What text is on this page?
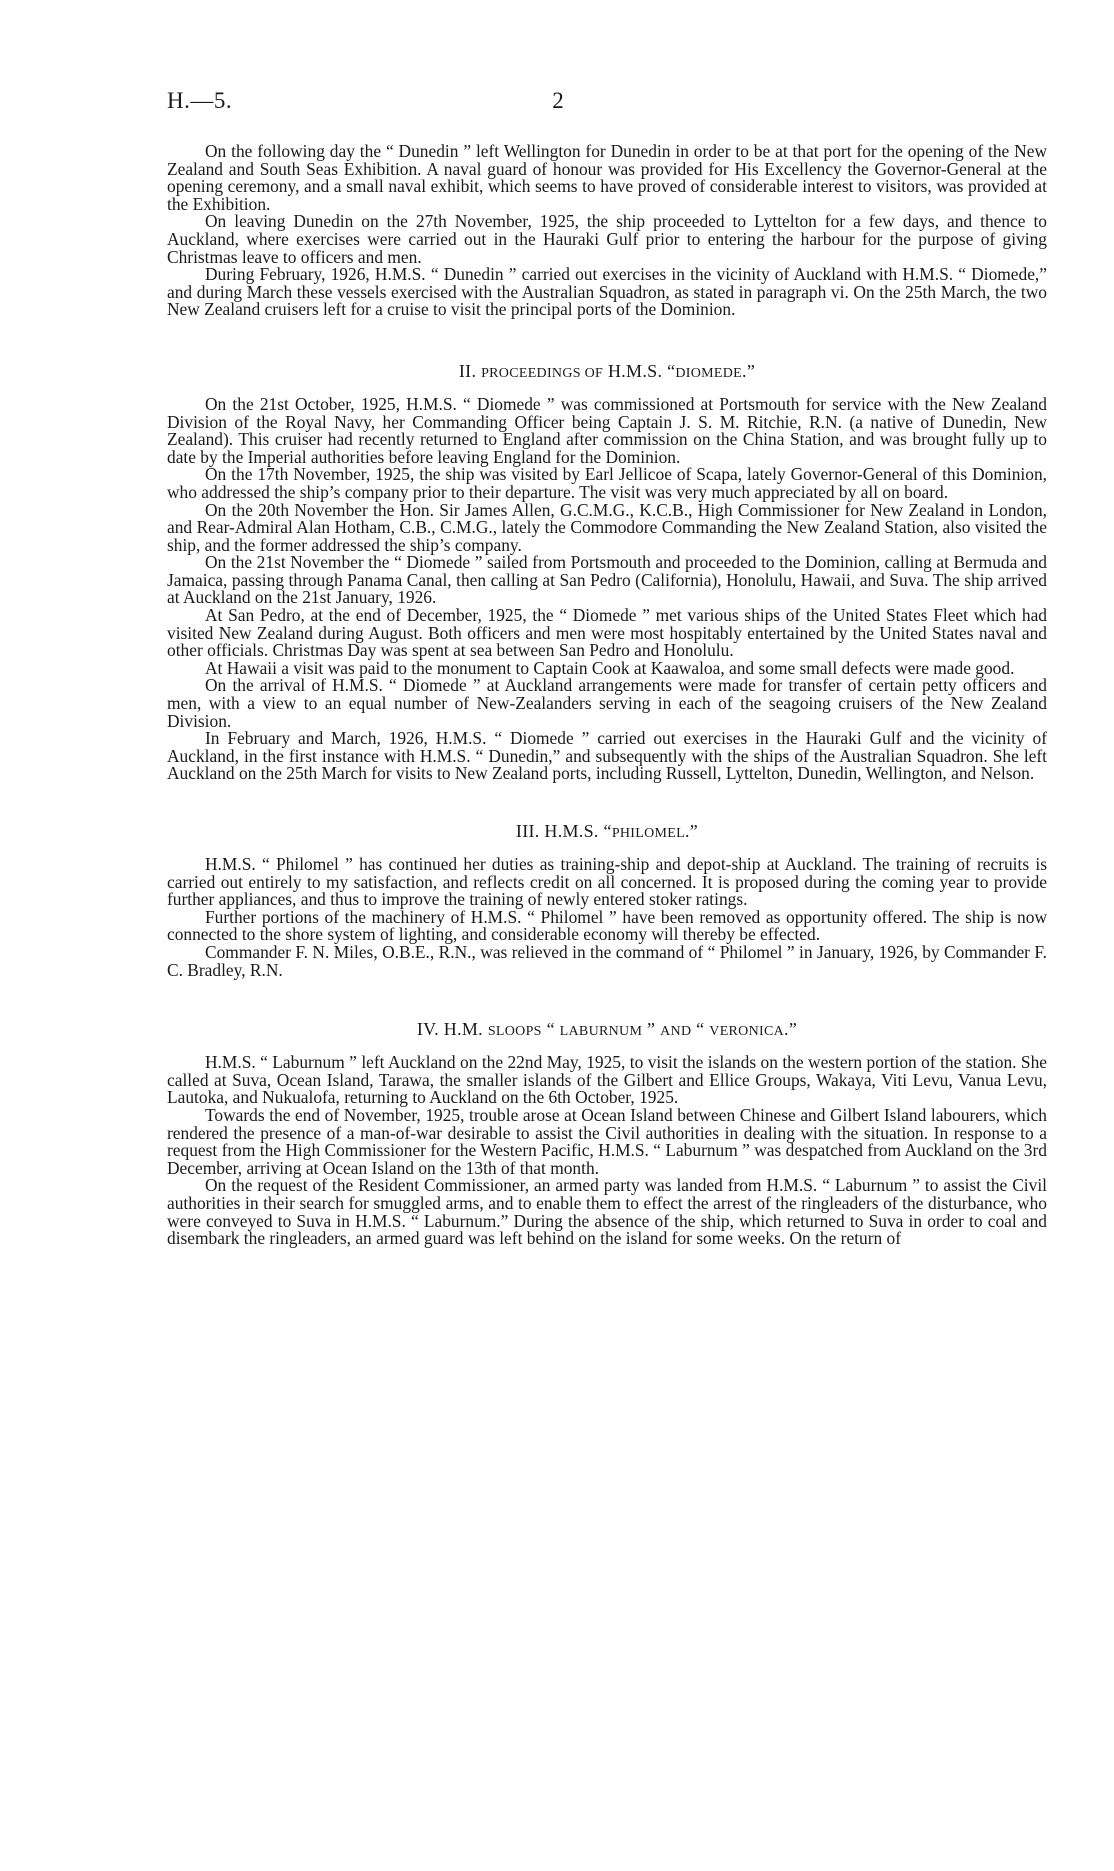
H.—5.	2

On the following day the “ Dunedin ” left Wellington for Dunedin in order to be at that port for the opening of the New Zealand and South Seas Exhibition. A naval guard of honour was provided for His Excellency the Governor-General at the opening ceremony, and a small naval exhibit, which seems to have proved of considerable interest to visitors, was provided at the Exhibition.

On leaving Dunedin on the 27th November, 1925, the ship proceeded to Lyttelton for a few days, and thence to Auckland, where exercises were carried out in the Hauraki Gulf prior to entering the harbour for the purpose of giving Christmas leave to officers and men.

During February, 1926, H.M.S. “ Dunedin ” carried out exercises in the vicinity of Auckland with H.M.S. “ Diomede,” and during March these vessels exercised with the Australian Squadron, as stated in paragraph vi. On the 25th March, the two New Zealand cruisers left for a cruise to visit the principal ports of the Dominion.

II. PROCEEDINGS OF H.M.S. “DIOMEDE.”

On the 21st October, 1925, H.M.S. “ Diomede ” was commissioned at Portsmouth for service with the New Zealand Division of the Royal Navy, her Commanding Officer being Captain J. S. M. Ritchie, R.N. (a native of Dunedin, New Zealand). This cruiser had recently returned to England after commission on the China Station, and was brought fully up to date by the Imperial authorities before leaving England for the Dominion.

On the 17th November, 1925, the ship was visited by Earl Jellicoe of Scapa, lately Governor-General of this Dominion, who addressed the ship’s company prior to their departure. The visit was very much appreciated by all on board.

On the 20th November the Hon. Sir James Allen, G.C.M.G., K.C.B., High Commissioner for New Zealand in London, and Rear-Admiral Alan Hotham, C.B., C.M.G., lately the Commodore Commanding the New Zealand Station, also visited the ship, and the former addressed the ship’s company.

On the 21st November the “ Diomede ” sailed from Portsmouth and proceeded to the Dominion, calling at Bermuda and Jamaica, passing through Panama Canal, then calling at San Pedro (California), Honolulu, Hawaii, and Suva. The ship arrived at Auckland on the 21st January, 1926.

At San Pedro, at the end of December, 1925, the “ Diomede ” met various ships of the United States Fleet which had visited New Zealand during August. Both officers and men were most hospitably entertained by the United States naval and other officials. Christmas Day was spent at sea between San Pedro and Honolulu.

At Hawaii a visit was paid to the monument to Captain Cook at Kaawaloa, and some small defects were made good.

On the arrival of H.M.S. “ Diomede ” at Auckland arrangements were made for transfer of certain petty officers and men, with a view to an equal number of New-Zealanders serving in each of the seagoing cruisers of the New Zealand Division.

In February and March, 1926, H.M.S. “ Diomede ” carried out exercises in the Hauraki Gulf and the vicinity of Auckland, in the first instance with H.M.S. “ Dunedin,” and subsequently with the ships of the Australian Squadron. She left Auckland on the 25th March for visits to New Zealand ports, including Russell, Lyttelton, Dunedin, Wellington, and Nelson.

III. H.M.S. “PHILOMEL.”

H.M.S. “ Philomel ” has continued her duties as training-ship and depot-ship at Auckland. The training of recruits is carried out entirely to my satisfaction, and reflects credit on all concerned. It is proposed during the coming year to provide further appliances, and thus to improve the training of newly entered stoker ratings.

Further portions of the machinery of H.M.S. “ Philomel ” have been removed as opportunity offered. The ship is now connected to the shore system of lighting, and considerable economy will thereby be effected.

Commander F. N. Miles, O.B.E., R.N., was relieved in the command of “ Philomel ” in January, 1926, by Commander F. C. Bradley, R.N.

IV. H.M. SLOOPS “ LABURNUM ” AND “ VERONICA.”

H.M.S. “ Laburnum ” left Auckland on the 22nd May, 1925, to visit the islands on the western portion of the station. She called at Suva, Ocean Island, Tarawa, the smaller islands of the Gilbert and Ellice Groups, Wakaya, Viti Levu, Vanua Levu, Lautoka, and Nukualofa, returning to Auckland on the 6th October, 1925.

Towards the end of November, 1925, trouble arose at Ocean Island between Chinese and Gilbert Island labourers, which rendered the presence of a man-of-war desirable to assist the Civil authorities in dealing with the situation. In response to a request from the High Commissioner for the Western Pacific, H.M.S. “ Laburnum ” was despatched from Auckland on the 3rd December, arriving at Ocean Island on the 13th of that month.

On the request of the Resident Commissioner, an armed party was landed from H.M.S. “ Laburnum ” to assist the Civil authorities in their search for smuggled arms, and to enable them to effect the arrest of the ringleaders of the disturbance, who were conveyed to Suva in H.M.S. “ Laburnum.” During the absence of the ship, which returned to Suva in order to coal and disembark the ringleaders, an armed guard was left behind on the island for some weeks. On the return of
